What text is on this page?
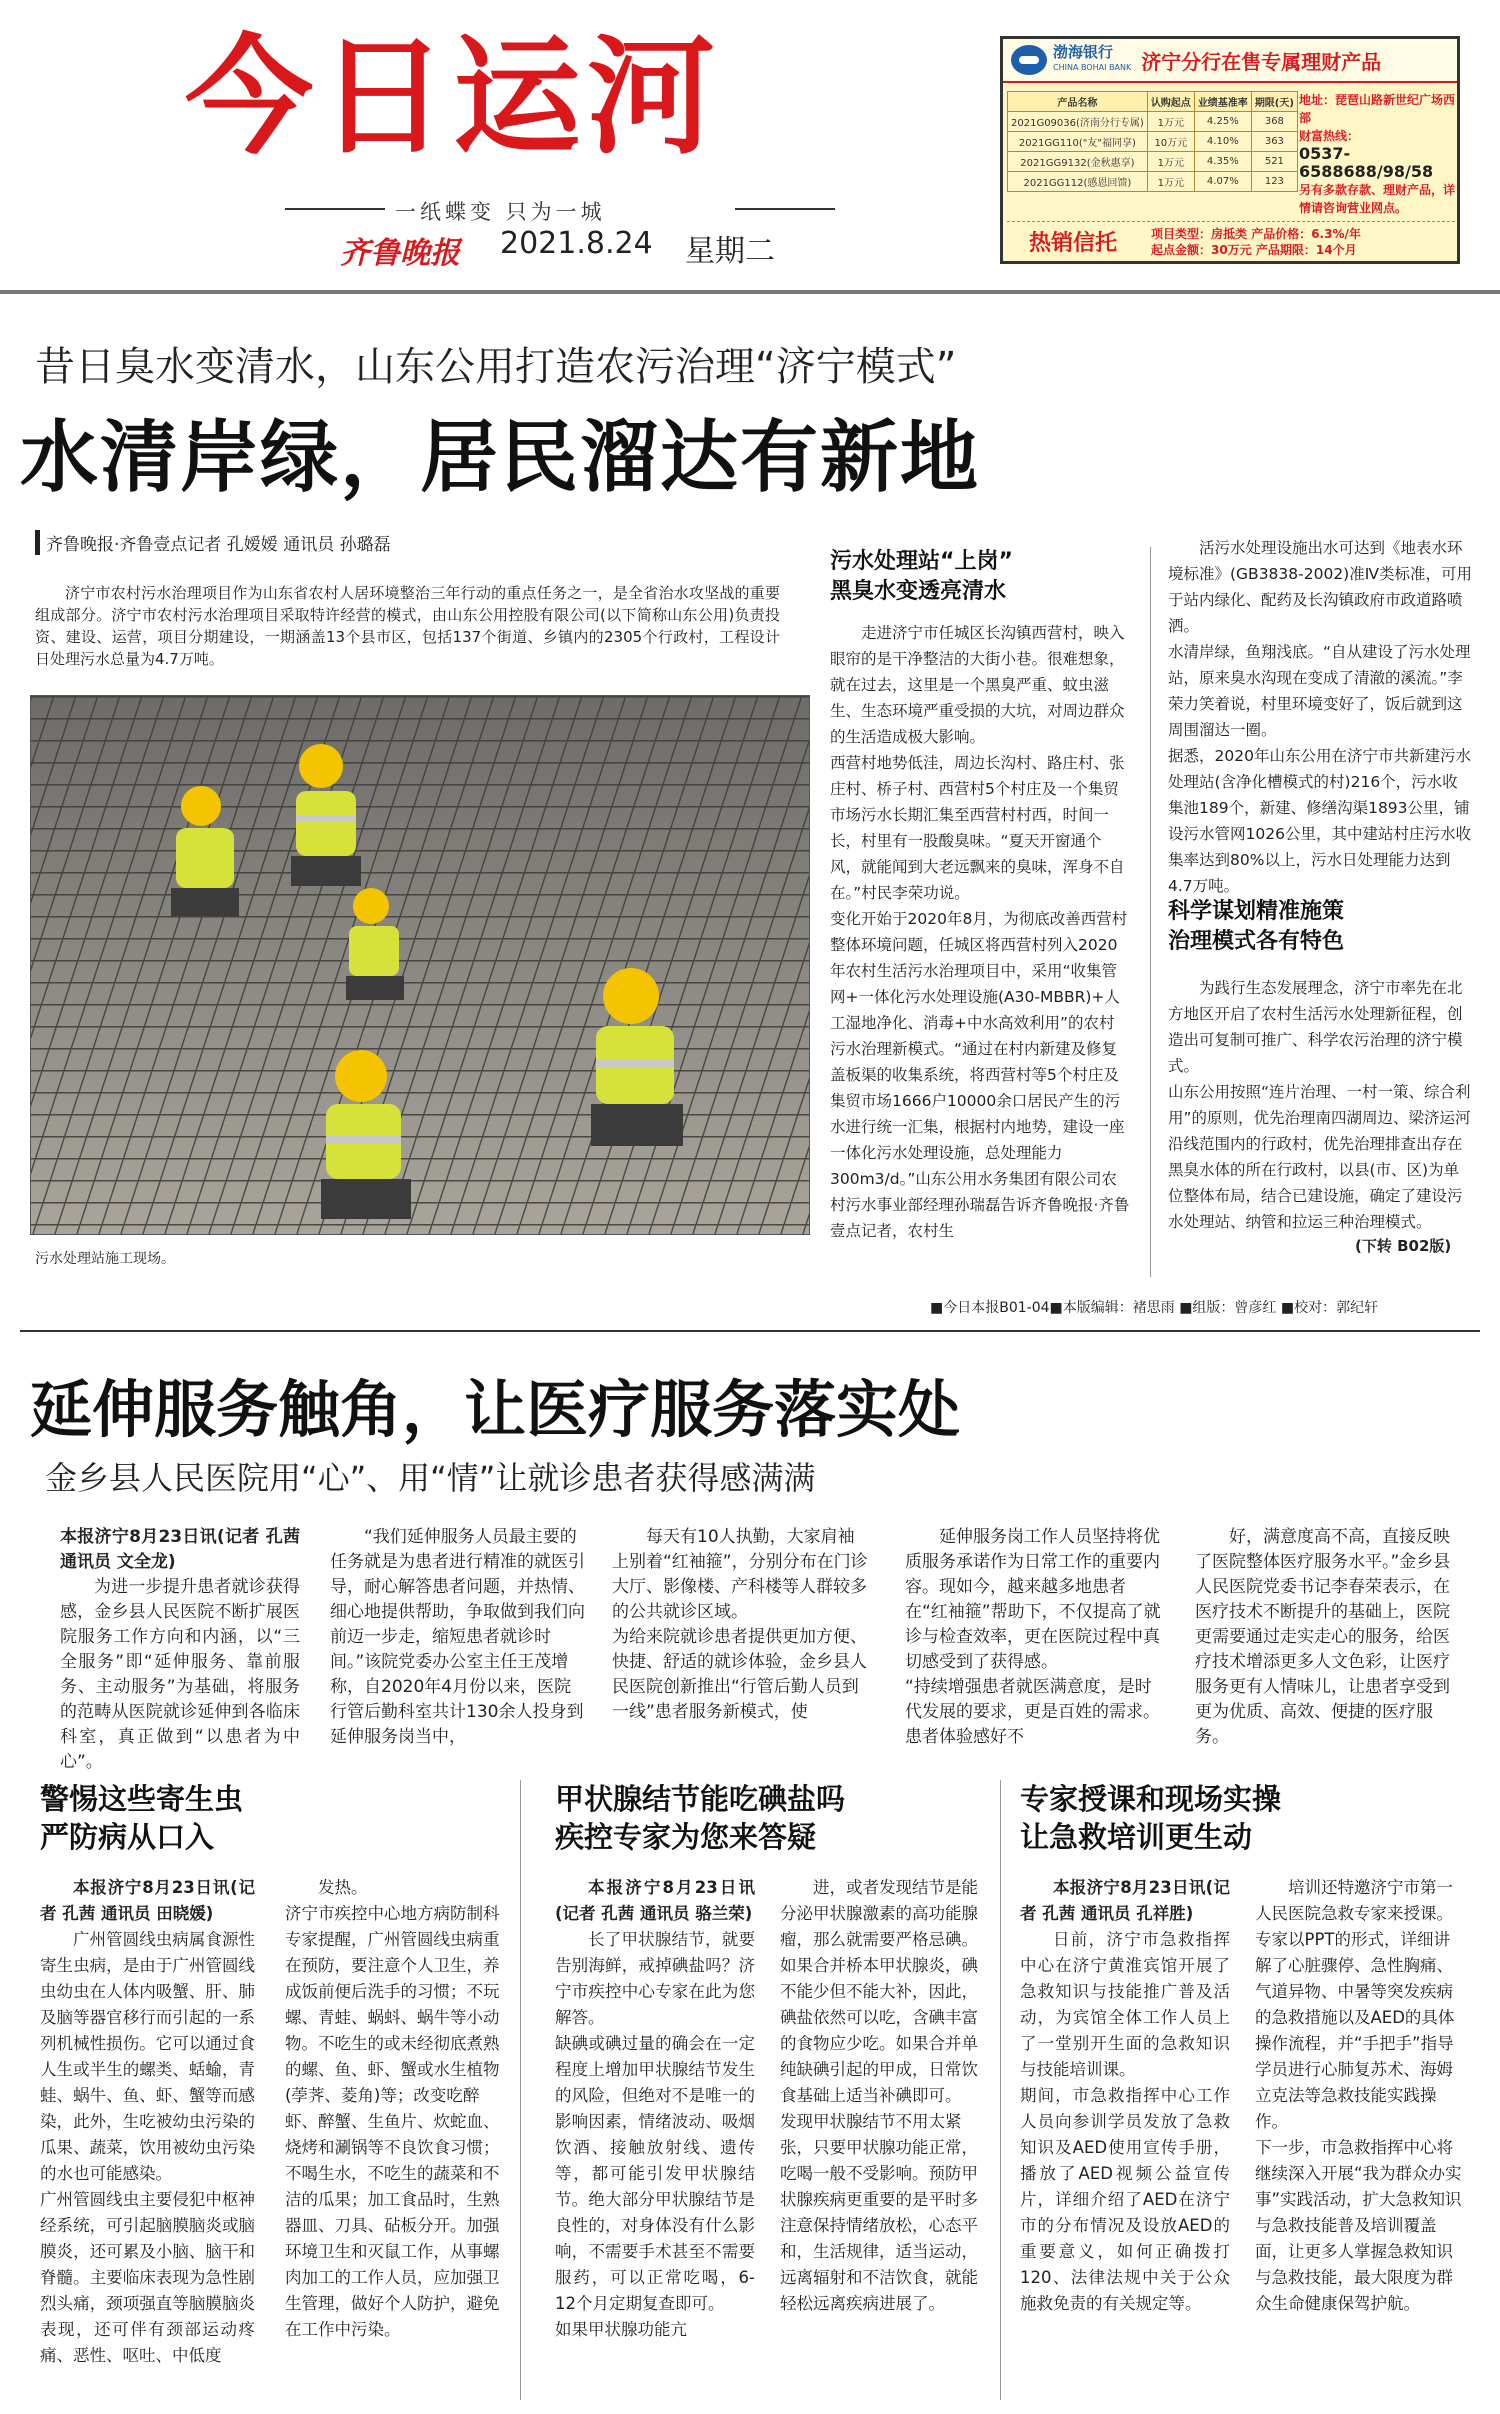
今日运河
一纸蝶变 只为一城
齐鲁晚报 2021.8.24 星期二
渤海银行
CHINA BOHAI BANK 济宁分行在售专属理财产品
产品名称	认购起点	业绩基准率	期限(天)
2021G09036(济南分行专属)	1万元	4.25%	368
2021GG110("友"福同享)	10万元	4.10%	363
2021GG9132(金秋惠享)	1万元	4.35%	521
2021GG112(感恩回馈)	1万元	4.07%	123
地址：琵琶山路新世纪广场西部
财富热线：
0537-6588688/98/58
另有多款存款、理财产品，详情请咨询营业网点。
热销信托	项目类型：房抵类 产品价格：6.3%/年
起点金额：30万元 产品期限：14个月
昔日臭水变清水，山东公用打造农污治理“济宁模式”
水清岸绿，居民溜达有新地
齐鲁晚报·齐鲁壹点记者 孔嫒嫒 通讯员 孙璐磊

济宁市农村污水治理项目作为山东省农村人居环境整治三年行动的重点任务之一，是全省治水攻坚战的重要组成部分。济宁市农村污水治理项目采取特许经营的模式，由山东公用控股有限公司(以下简称山东公用)负责投资、建设、运营，项目分期建设，一期涵盖13个县市区，包括137个街道、乡镇内的2305个行政村，工程设计日处理污水总量为4.7万吨。

污水处理站施工现场。
污水处理站“上岗”
黑臭水变透亮清水
走进济宁市任城区长沟镇西营村，映入眼帘的是干净整洁的大街小巷。很难想象，就在过去，这里是一个黑臭严重、蚊虫滋生、生态环境严重受损的大坑，对周边群众的生活造成极大影响。
西营村地势低洼，周边长沟村、路庄村、张庄村、桥子村、西营村5个村庄及一个集贸市场污水长期汇集至西营村村西，时间一长，村里有一股酸臭味。“夏天开窗通个风，就能闻到大老远飘来的臭味，浑身不自在。”村民李荣功说。
变化开始于2020年8月，为彻底改善西营村整体环境问题，任城区将西营村列入2020年农村生活污水治理项目中，采用“收集管网+一体化污水处理设施(A30-MBBR)+人工湿地净化、消毒+中水高效利用”的农村污水治理新模式。“通过在村内新建及修复盖板渠的收集系统，将西营村等5个村庄及集贸市场1666户10000余口居民产生的污水进行统一汇集，根据村内地势，建设一座一体化污水处理设施，总处理能力300m3/d。”山东公用水务集团有限公司农村污水事业部经理孙瑞磊告诉齐鲁晚报·齐鲁壹点记者，农村生
活污水处理设施出水可达到《地表水环境标准》(GB3838-2002)准Ⅳ类标准，可用于站内绿化、配药及长沟镇政府市政道路喷洒。
水清岸绿，鱼翔浅底。“自从建设了污水处理站，原来臭水沟现在变成了清澈的溪流。”李荣力笑着说，村里环境变好了，饭后就到这周围溜达一圈。
据悉，2020年山东公用在济宁市共新建污水处理站(含净化槽模式的村)216个，污水收集池189个，新建、修缮沟渠1893公里，铺设污水管网1026公里，其中建站村庄污水收集率达到80%以上，污水日处理能力达到4.7万吨。
科学谋划精准施策
治理模式各有特色
为践行生态发展理念，济宁市率先在北方地区开启了农村生活污水处理新征程，创造出可复制可推广、科学农污治理的济宁模式。
山东公用按照“连片治理、一村一策、综合利用”的原则，优先治理南四湖周边、梁济运河沿线范围内的行政村，优先治理排查出存在黑臭水体的所在行政村，以县(市、区)为单位整体布局，结合已建设施，确定了建设污水处理站、纳管和拉运三种治理模式。
(下转 B02版)
■今日本报B01-04■本版编辑：褚思雨 ■组版：曾彦红 ■校对：郭纪轩
延伸服务触角，让医疗服务落实处
金乡县人民医院用“心”、用“情”让就诊患者获得感满满

本报济宁8月23日讯(记者 孔茜 通讯员 文全龙)

为进一步提升患者就诊获得感，金乡县人民医院不断扩展医院服务工作方向和内涵，以“三全服务”即“延伸服务、靠前服务、主动服务”为基础，将服务的范畴从医院就诊延伸到各临床科室，真正做到“以患者为中心”。

“我们延伸服务人员最主要的任务就是为患者进行精准的就医引导，耐心解答患者问题，并热情、细心地提供帮助，争取做到我们向前迈一步走，缩短患者就诊时间。”该院党委办公室主任王茂增称，自2020年4月份以来，医院行管后勤科室共计130余人投身到延伸服务岗当中，
每天有10人执勤，大家肩袖上别着“红袖箍”，分别分布在门诊大厅、影像楼、产科楼等人群较多的公共就诊区域。
为给来院就诊患者提供更加方便、快捷、舒适的就诊体验，金乡县人民医院创新推出“行管后勤人员到一线”患者服务新模式，使
延伸服务岗工作人员坚持将优质服务承诺作为日常工作的重要内容。现如今，越来越多地患者在“红袖箍”帮助下，不仅提高了就诊与检查效率，更在医院过程中真切感受到了获得感。
“持续增强患者就医满意度，是时代发展的要求，更是百姓的需求。患者体验感好不
好，满意度高不高，直接反映了医院整体医疗服务水平。”金乡县人民医院党委书记李春荣表示，在医疗技术不断提升的基础上，医院更需要通过走实走心的服务，给医疗技术增添更多人文色彩，让医疗服务更有人情味儿，让患者享受到更为优质、高效、便捷的医疗服务。
警惕这些寄生虫
严防病从口入

本报济宁8月23日讯(记者 孔茜 通讯员 田晓媛)

广州管圆线虫病属食源性寄生虫病，是由于广州管圆线虫幼虫在人体内吸蟹、肝、肺及脑等器官移行而引起的一系列机械性损伤。它可以通过食人生或半生的螺类、蛞蝓，青蛙、蜗牛、鱼、虾、蟹等而感染，此外，生吃被幼虫污染的瓜果、蔬菜，饮用被幼虫污染的水也可能感染。
广州管圆线虫主要侵犯中枢神经系统，可引起脑膜脑炎或脑膜炎，还可累及小脑、脑干和脊髓。主要临床表现为急性剧烈头痛，颈项强直等脑膜脑炎表现，还可伴有颈部运动疼痛、恶性、呕吐、中低度

发热。
济宁市疾控中心地方病防制科专家提醒，广州管圆线虫病重在预防，要注意个人卫生，养成饭前便后洗手的习惯；不玩螺、青蛙、蜗蚪、蜗牛等小动物。不吃生的或未经彻底煮熟的螺、鱼、虾、蟹或水生植物(荸荠、菱角)等；改变吃醉虾、醉蟹、生鱼片、炊蛇血、烧烤和涮锅等不良饮食习惯；不喝生水，不吃生的蔬菜和不洁的瓜果；加工食品时，生熟器皿、刀具、砧板分开。加强环境卫生和灭鼠工作，从事螺肉加工的工作人员，应加强卫生管理，做好个人防护，避免在工作中污染。
甲状腺结节能吃碘盐吗
疾控专家为您来答疑

本报济宁8月23日讯(记者 孔茜 通讯员 骆兰荣)

长了甲状腺结节，就要告别海鲜，戒掉碘盐吗？济宁市疾控中心专家在此为您解答。
缺碘或碘过量的确会在一定程度上增加甲状腺结节发生的风险，但绝对不是唯一的影响因素，情绪波动、吸烟饮酒、接触放射线、遗传等，都可能引发甲状腺结节。绝大部分甲状腺结节是良性的，对身体没有什么影响，不需要手术甚至不需要服药，可以正常吃喝，6-12个月定期复查即可。
如果甲状腺功能亢

进，或者发现结节是能分泌甲状腺激素的高功能腺瘤，那么就需要严格忌碘。如果合并桥本甲状腺炎，碘不能少但不能大补，因此，碘盐依然可以吃，含碘丰富的食物应少吃。如果合并单纯缺碘引起的甲成，日常饮食基础上适当补碘即可。
发现甲状腺结节不用太紧张，只要甲状腺功能正常，吃喝一般不受影响。预防甲状腺疾病更重要的是平时多注意保持情绪放松，心态平和，生活规律，适当运动，远离辐射和不洁饮食，就能轻松远离疾病进展了。
专家授课和现场实操
让急救培训更生动

本报济宁8月23日讯(记者 孔茜 通讯员 孔祥胜)

日前，济宁市急救指挥中心在济宁黄淮宾馆开展了急救知识与技能推广普及活动，为宾馆全体工作人员上了一堂别开生面的急救知识与技能培训课。
期间，市急救指挥中心工作人员向参训学员发放了急救知识及AED使用宣传手册，播放了AED视频公益宣传片，详细介绍了AED在济宁市的分布情况及设放AED的重要意义，如何正确拨打120、法律法规中关于公众施救免责的有关规定等。

培训还特邀济宁市第一人民医院急救专家来授课。专家以PPT的形式，详细讲解了心脏骤停、急性胸痛、气道异物、中暑等突发疾病的急救措施以及AED的具体操作流程，并“手把手”指导学员进行心肺复苏术、海姆立克法等急救技能实践操作。
下一步，市急救指挥中心将继续深入开展“我为群众办实事”实践活动，扩大急救知识与急救技能普及培训覆盖面，让更多人掌握急救知识与急救技能，最大限度为群众生命健康保驾护航。
